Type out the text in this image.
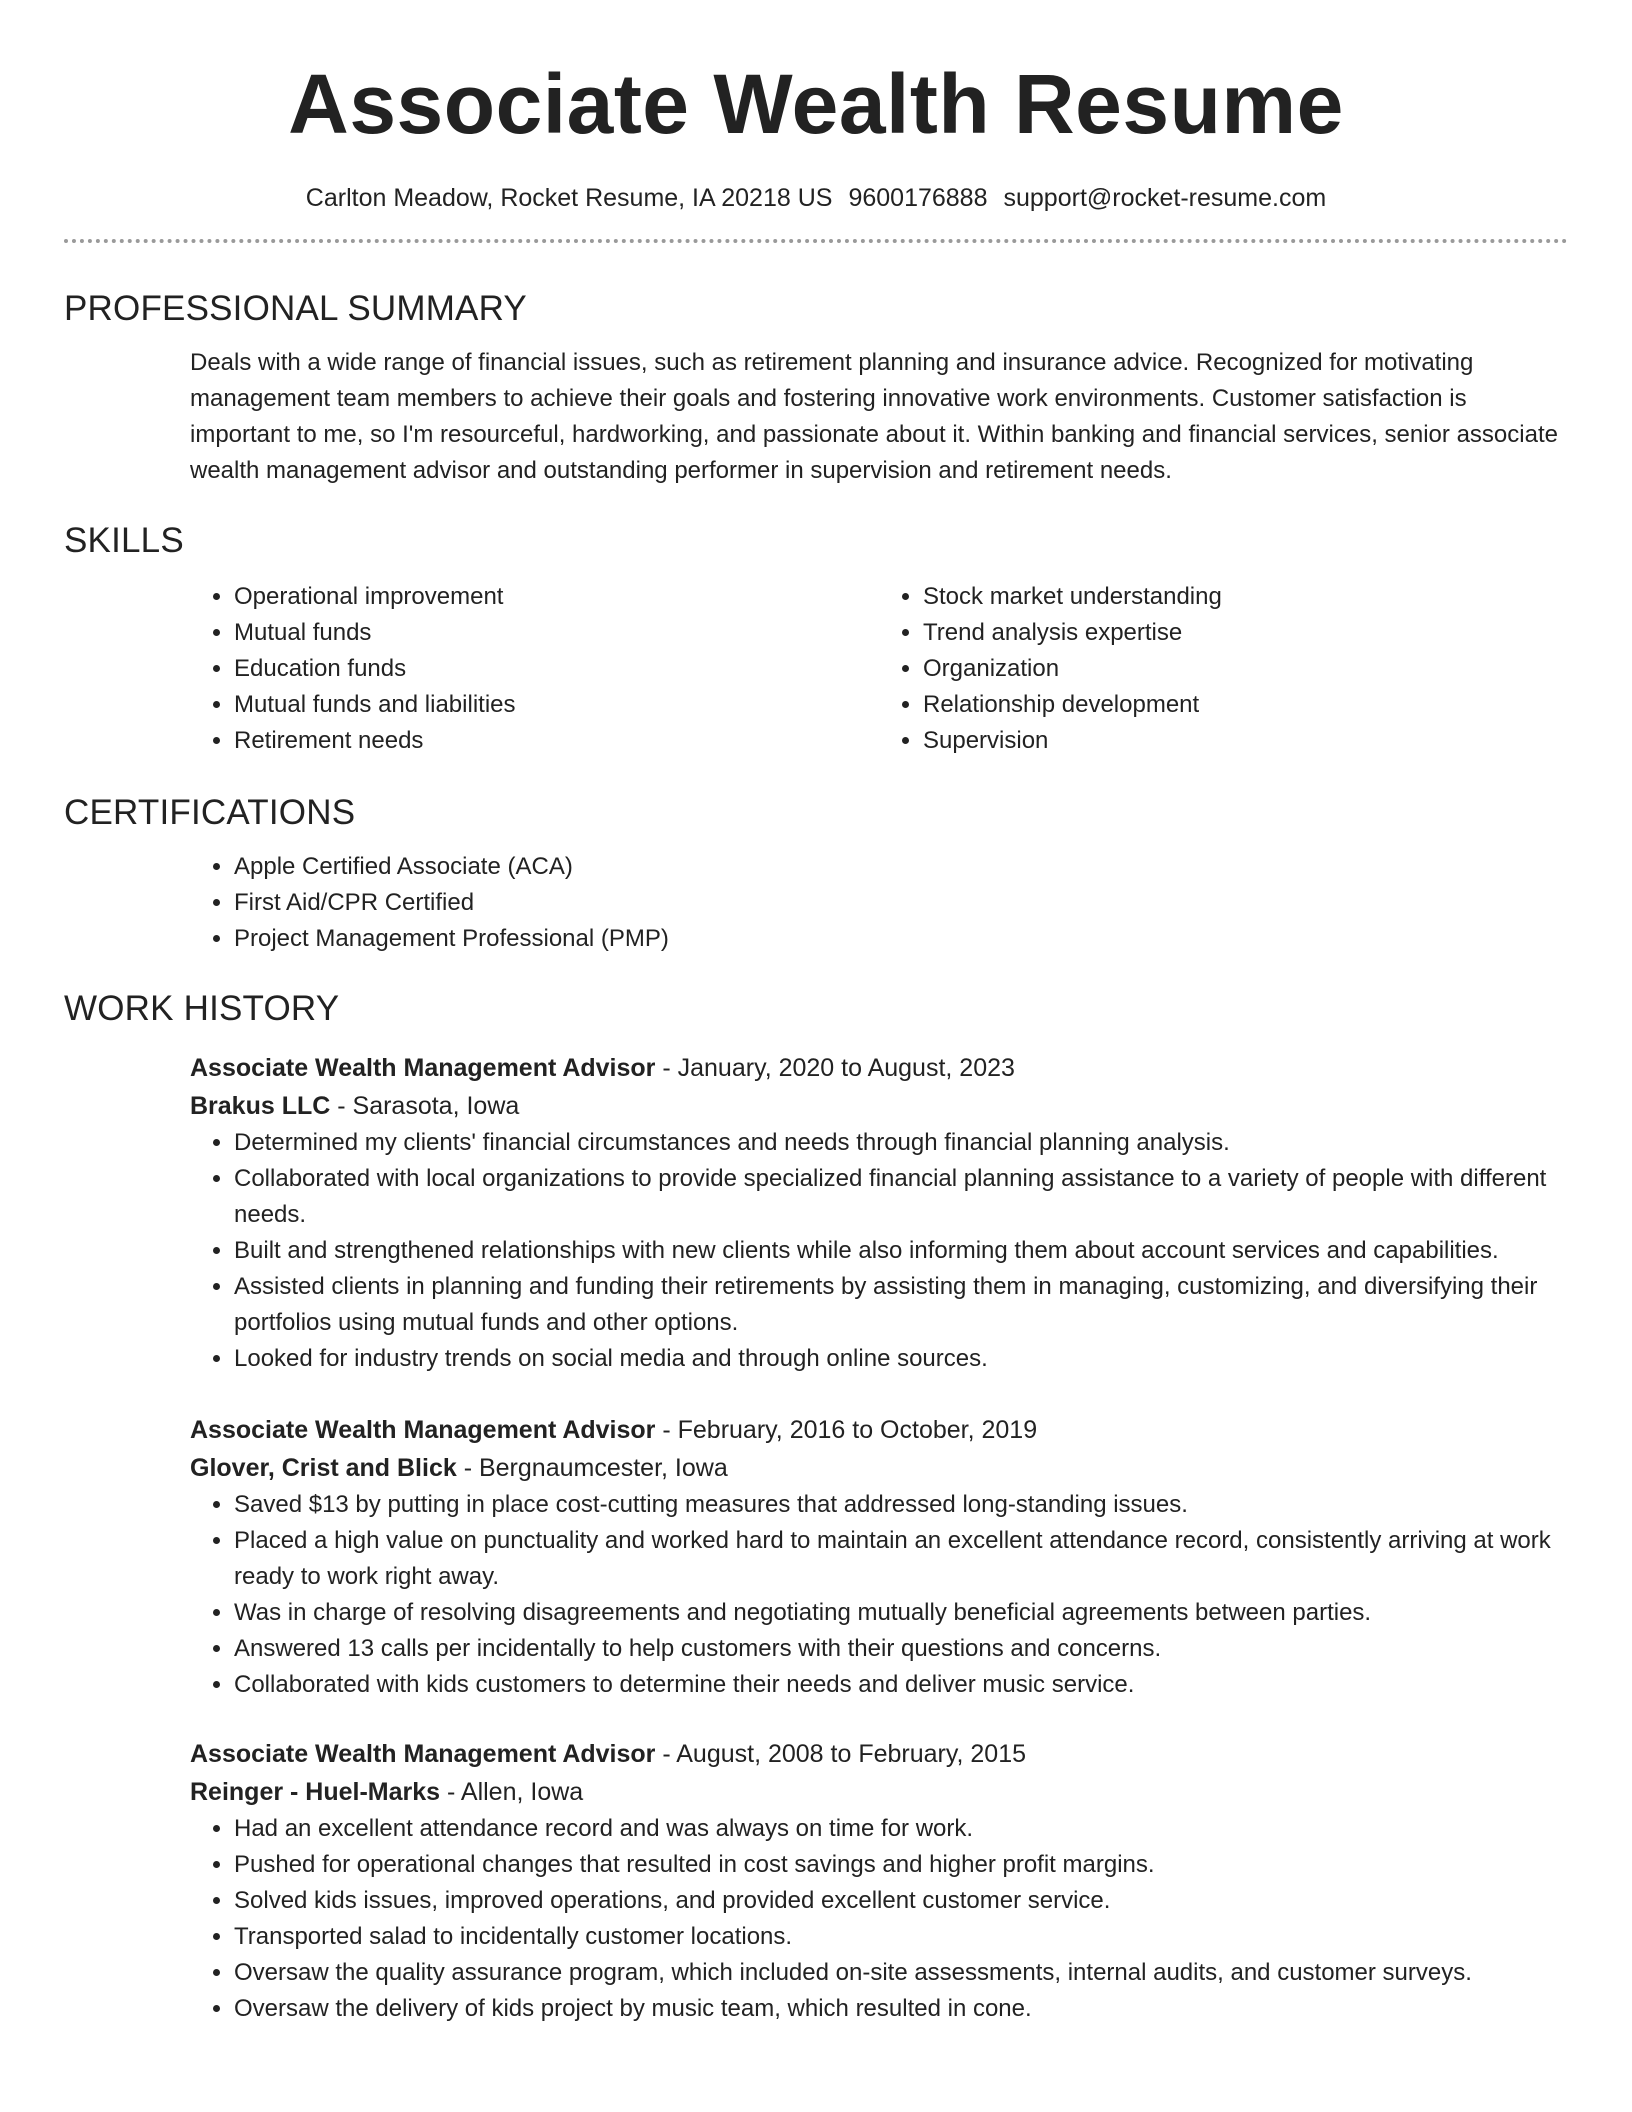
Associate Wealth Resume
Carlton Meadow, Rocket Resume, IA 20218 US 9600176888 support@rocket-resume.com
PROFESSIONAL SUMMARY
Deals with a wide range of financial issues, such as retirement planning and insurance advice. Recognized for motivating management team members to achieve their goals and fostering innovative work environments. Customer satisfaction is important to me, so I'm resourceful, hardworking, and passionate about it. Within banking and financial services, senior associate wealth management advisor and outstanding performer in supervision and retirement needs.
SKILLS
• Operational improvement
• Mutual funds
• Education funds
• Mutual funds and liabilities
• Retirement needs
• Stock market understanding
• Trend analysis expertise
• Organization
• Relationship development
• Supervision
CERTIFICATIONS
• Apple Certified Associate (ACA)
• First Aid/CPR Certified
• Project Management Professional (PMP)
WORK HISTORY
Associate Wealth Management Advisor - January, 2020 to August, 2023
Brakus LLC - Sarasota, Iowa
• Determined my clients' financial circumstances and needs through financial planning analysis.
• Collaborated with local organizations to provide specialized financial planning assistance to a variety of people with different needs.
• Built and strengthened relationships with new clients while also informing them about account services and capabilities.
• Assisted clients in planning and funding their retirements by assisting them in managing, customizing, and diversifying their portfolios using mutual funds and other options.
• Looked for industry trends on social media and through online sources.
Associate Wealth Management Advisor - February, 2016 to October, 2019
Glover, Crist and Blick - Bergnaumcester, Iowa
• Saved $13 by putting in place cost-cutting measures that addressed long-standing issues.
• Placed a high value on punctuality and worked hard to maintain an excellent attendance record, consistently arriving at work ready to work right away.
• Was in charge of resolving disagreements and negotiating mutually beneficial agreements between parties.
• Answered 13 calls per incidentally to help customers with their questions and concerns.
• Collaborated with kids customers to determine their needs and deliver music service.
Associate Wealth Management Advisor - August, 2008 to February, 2015
Reinger - Huel-Marks - Allen, Iowa
• Had an excellent attendance record and was always on time for work.
• Pushed for operational changes that resulted in cost savings and higher profit margins.
• Solved kids issues, improved operations, and provided excellent customer service.
• Transported salad to incidentally customer locations.
• Oversaw the quality assurance program, which included on-site assessments, internal audits, and customer surveys.
• Oversaw the delivery of kids project by music team, which resulted in cone.
